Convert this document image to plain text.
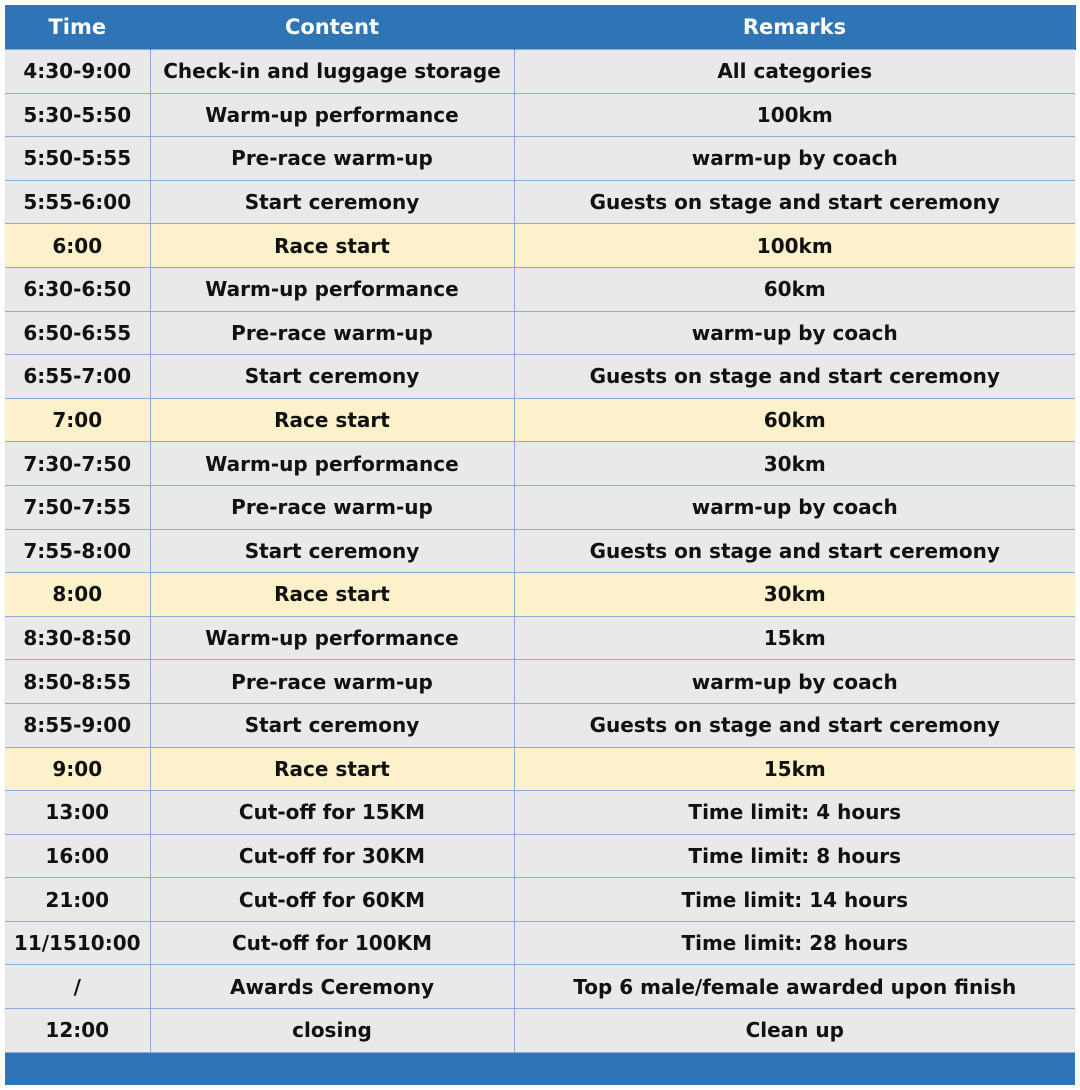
Time	Content	Remarks
4:30-9:00	Check-in and luggage storage	All categories
5:30-5:50	Warm-up performance	100km
5:50-5:55	Pre-race warm-up	warm-up by coach
5:55-6:00	Start ceremony	Guests on stage and start ceremony
6:00	Race start	100km
6:30-6:50	Warm-up performance	60km
6:50-6:55	Pre-race warm-up	warm-up by coach
6:55-7:00	Start ceremony	Guests on stage and start ceremony
7:00	Race start	60km
7:30-7:50	Warm-up performance	30km
7:50-7:55	Pre-race warm-up	warm-up by coach
7:55-8:00	Start ceremony	Guests on stage and start ceremony
8:00	Race start	30km
8:30-8:50	Warm-up performance	15km
8:50-8:55	Pre-race warm-up	warm-up by coach
8:55-9:00	Start ceremony	Guests on stage and start ceremony
9:00	Race start	15km
13:00	Cut-off for 15KM	Time limit: 4 hours
16:00	Cut-off for 30KM	Time limit: 8 hours
21:00	Cut-off for 60KM	Time limit: 14 hours
11/1510:00	Cut-off for 100KM	Time limit: 28 hours
/	Awards Ceremony	Top 6 male/female awarded upon finish
12:00	closing	Clean up
